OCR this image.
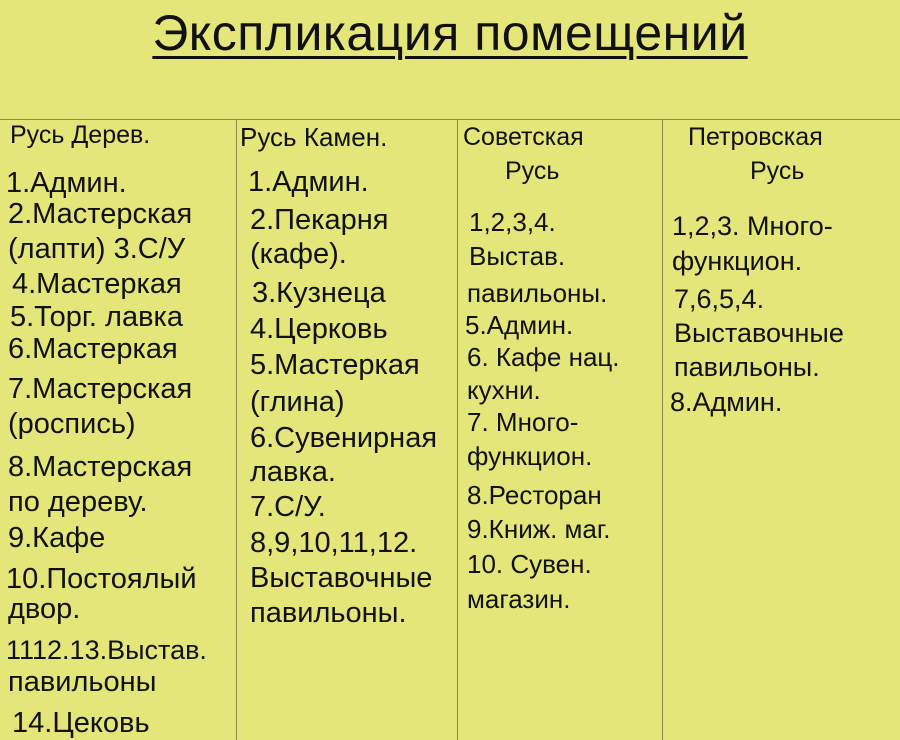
Экспликация помещений
Русь Дерев.
1.Админ.
2.Мастерская
(лапти) 3.С/У
4.Мастеркая
5.Торг. лавка
6.Мастеркая
7.Мастерская
(роспись)
8.Мастерская
по дереву.
9.Кафе
10.Постоялый
двор.
1112.13.Выстав.
павильоны
14.Цековь
Русь Камен.
1.Админ.
2.Пекарня
(кафе).
3.Кузнеца
4.Церковь
5.Мастеркая
(глина)
6.Сувенирная
лавка.
7.С/У.
8,9,10,11,12.
Выставочные
павильоны.
Советская
Русь
1,2,3,4.
Выстав.
павильоны.
5.Админ.
6. Кафе нац.
кухни.
7. Много-
функцион.
8.Ресторан
9.Книж. маг.
10. Сувен.
магазин.
Петровская
Русь
1,2,3. Много-
функцион.
7,6,5,4.
Выставочные
павильоны.
8.Админ.
